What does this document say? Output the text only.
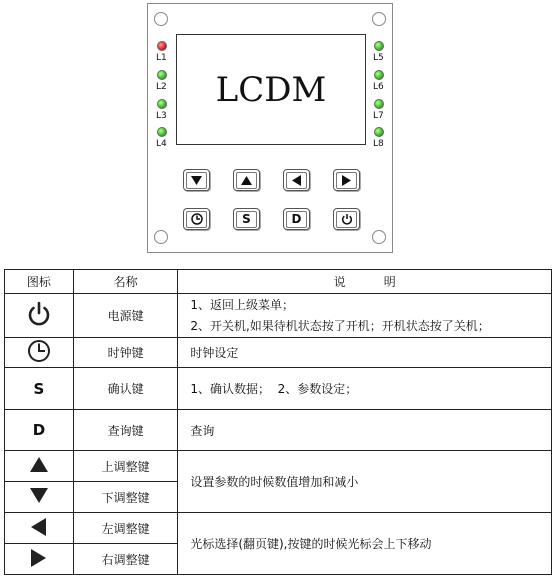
LCDM
L1
L2
L3
L4
L5
L6
L7
L8
S	D
图标	名称	说          明

	电源键	1、返回上级菜单；
2、开关机,如果待机状态按了开机；开机状态按了关机；

	时钟键	时钟设定
S	确认键	1、确认数据；  2、参数设定；
D	查询键	查询

	上调整键	设置参数的时候数值增加和减小

	下调整键	

	左调整键	光标选择(翻页键),按键的时候光标会上下移动

	右调整键	
